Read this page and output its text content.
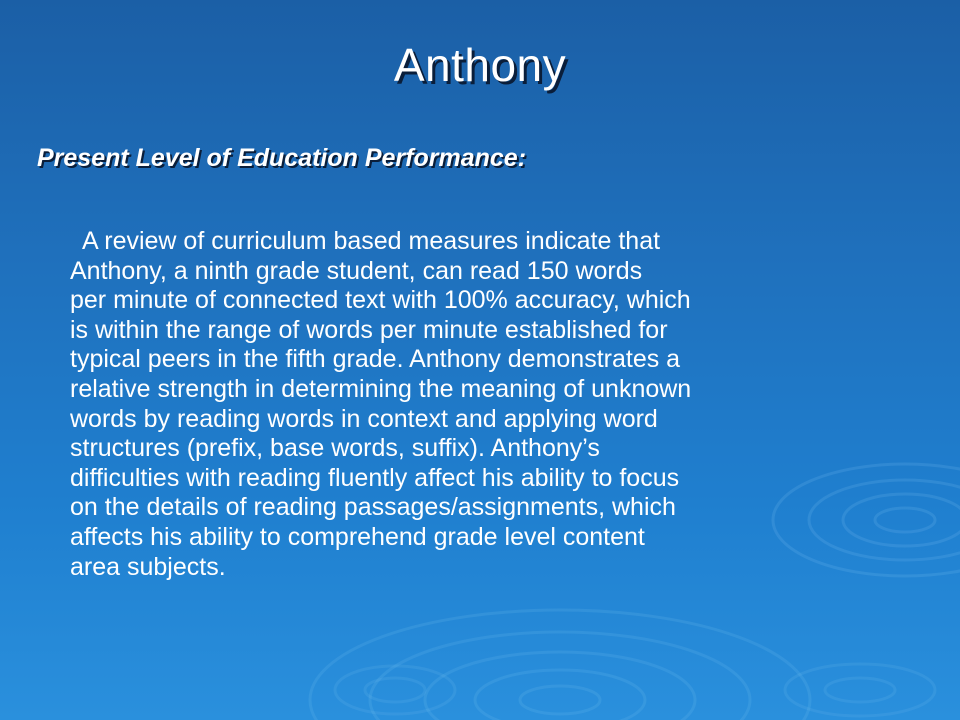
Anthony
Present Level of Education Performance:
A review of curriculum based measures indicate that
Anthony, a ninth grade student, can read 150 words
per minute of connected text with 100% accuracy, which
is within the range of words per minute established for
typical peers in the fifth grade. Anthony demonstrates a
relative strength in determining the meaning of unknown
words by reading words in context and applying word
structures (prefix, base words, suffix). Anthony’s
difficulties with reading fluently affect his ability to focus
on the details of reading passages/assignments, which
affects his ability to comprehend grade level content
area subjects.
